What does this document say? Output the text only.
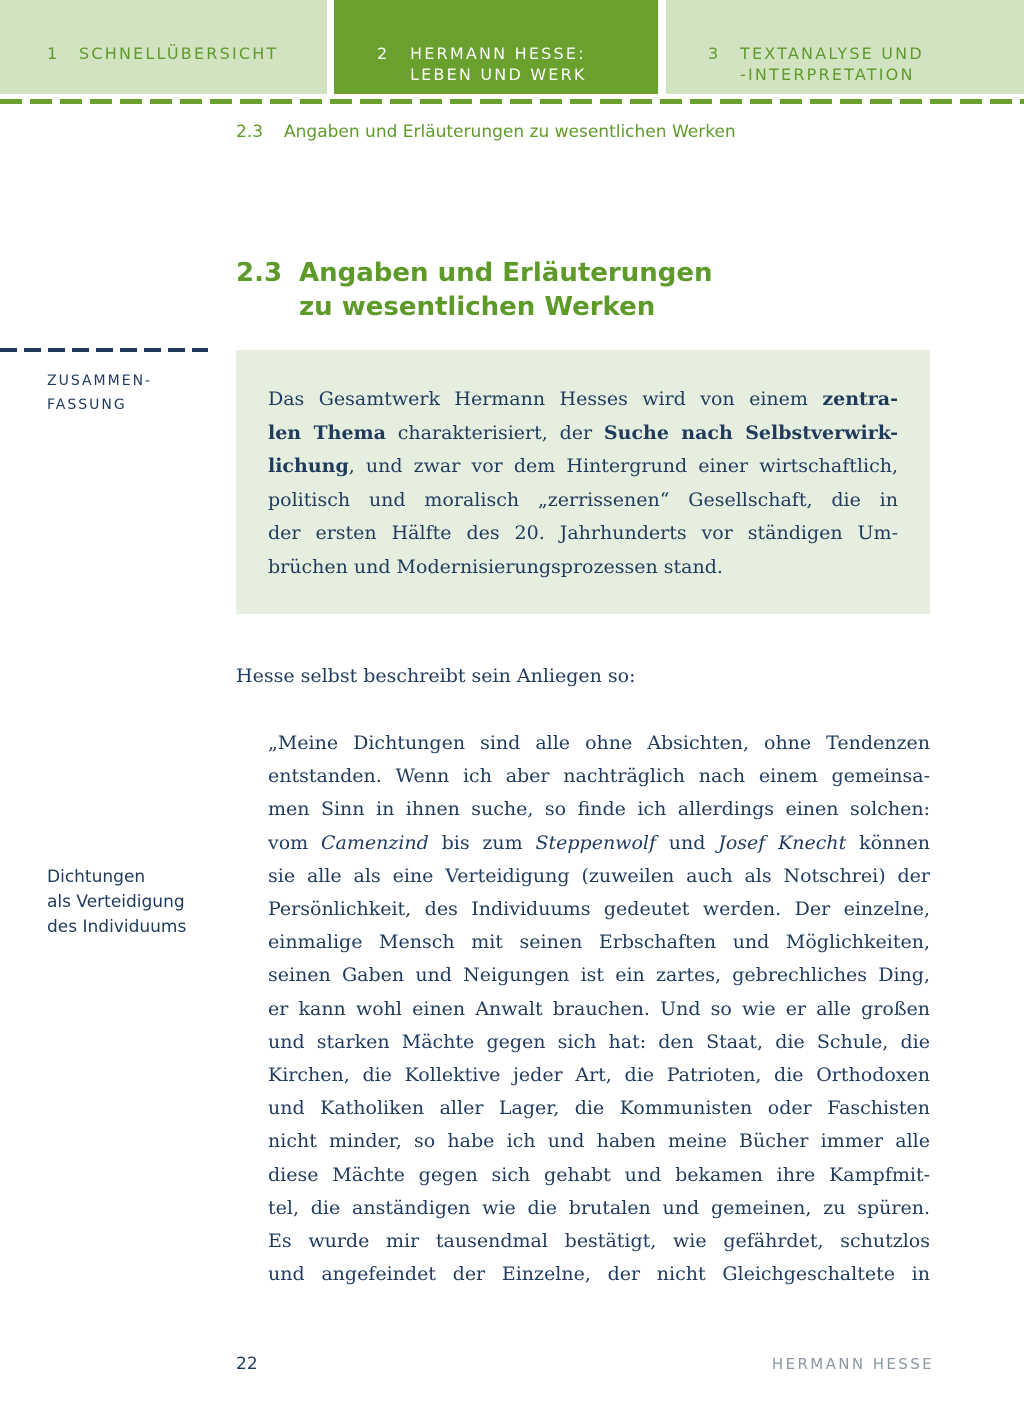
1 SCHNELLÜBERSICHT	2 HERMANN HESSE:
LEBEN UND WERK
3 TEXTANALYSE UND
-INTERPRETATION
2.3 Angaben und Erläuterungen zu wesentlichen Werken
2.3 Angaben und Erläuterungen
zu wesentlichen Werken
ZUSAMMEN-
FASSUNG
Dichtungen
als Verteidigung
des Individuums
Das Gesamtwerk Hermann Hesses wird von einem zentra-
len Thema charakterisiert, der Suche nach Selbstverwirk-
lichung, und zwar vor dem Hintergrund einer wirtschaftlich,
politisch und moralisch „zerrissenen“ Gesellschaft, die in
der ersten Hälfte des 20. Jahrhunderts vor ständigen Um-
brüchen und Modernisierungsprozessen stand.
Hesse selbst beschreibt sein Anliegen so:
„Meine Dichtungen sind alle ohne Absichten, ohne Tendenzen
entstanden. Wenn ich aber nachträglich nach einem gemeinsa-
men Sinn in ihnen suche, so finde ich allerdings einen solchen:
vom Camenzind bis zum Steppenwolf und Josef Knecht können
sie alle als eine Verteidigung (zuweilen auch als Notschrei) der
Persönlichkeit, des Individuums gedeutet werden. Der einzelne,
einmalige Mensch mit seinen Erbschaften und Möglichkeiten,
seinen Gaben und Neigungen ist ein zartes, gebrechliches Ding,
er kann wohl einen Anwalt brauchen. Und so wie er alle großen
und starken Mächte gegen sich hat: den Staat, die Schule, die
Kirchen, die Kollektive jeder Art, die Patrioten, die Orthodoxen
und Katholiken aller Lager, die Kommunisten oder Faschisten
nicht minder, so habe ich und haben meine Bücher immer alle
diese Mächte gegen sich gehabt und bekamen ihre Kampfmit-
tel, die anständigen wie die brutalen und gemeinen, zu spüren.
Es wurde mir tausendmal bestätigt, wie gefährdet, schutzlos
und angefeindet der Einzelne, der nicht Gleichgeschaltete in
22	HERMANN HESSE
